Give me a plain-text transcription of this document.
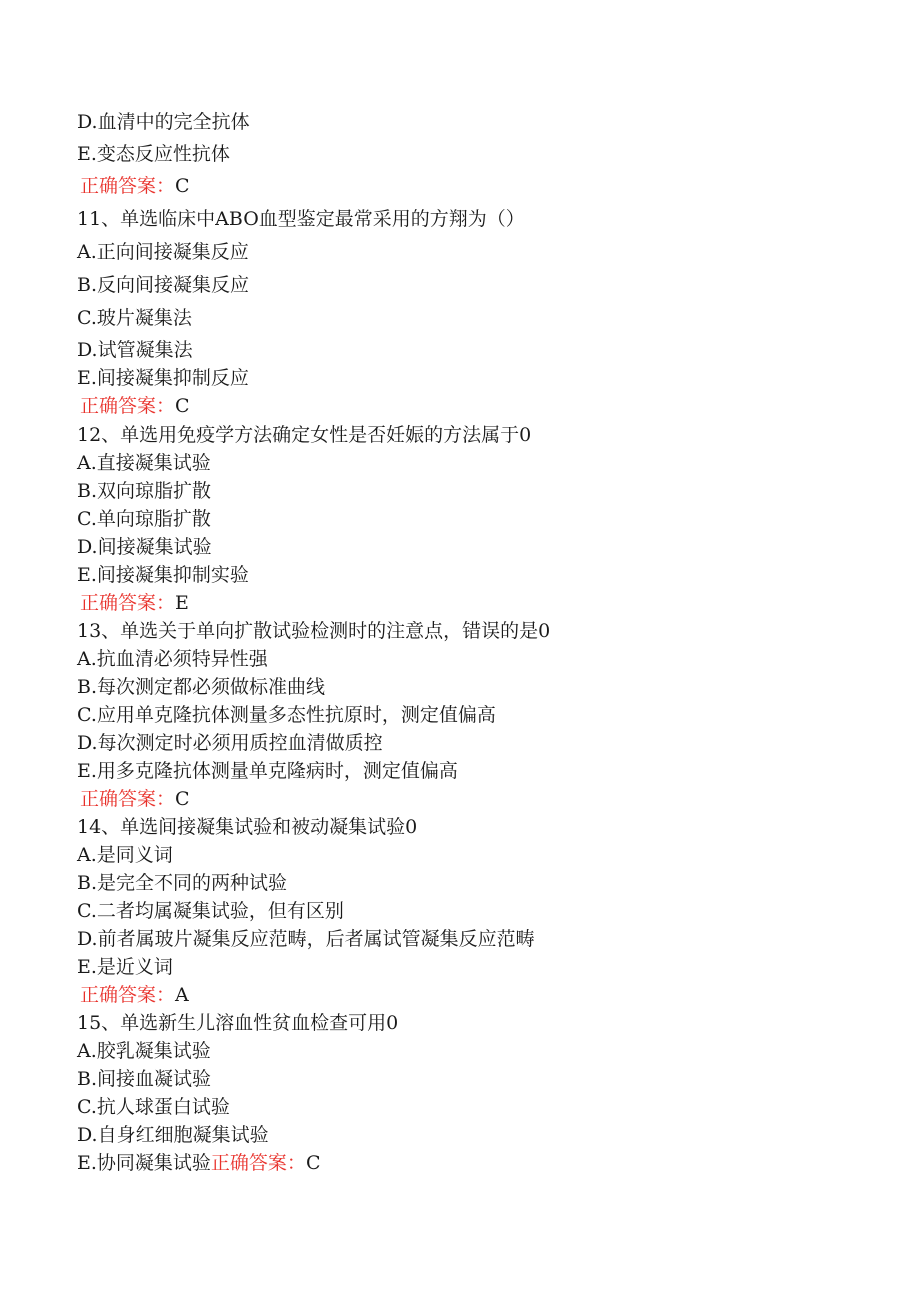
D.血清中的完全抗体
E.变态反应性抗体
正确答案：C
11、单选临床中ABO血型鉴定最常采用的方翔为（）
A.正向间接凝集反应
B.反向间接凝集反应
C.玻片凝集法
D.试管凝集法
E.间接凝集抑制反应
正确答案：C
12、单选用免疫学方法确定女性是否妊娠的方法属于0
A.直接凝集试验
B.双向琼脂扩散
C.单向琼脂扩散
D.间接凝集试验
E.间接凝集抑制实验
正确答案：E
13、单选关于单向扩散试验检测时的注意点，错误的是0
A.抗血清必须特异性强
B.每次测定都必须做标准曲线
C.应用单克隆抗体测量多态性抗原时，测定值偏高
D.每次测定时必须用质控血清做质控
E.用多克隆抗体测量单克隆病时，测定值偏高
正确答案：C
14、单选间接凝集试验和被动凝集试验0
A.是同义词
B.是完全不同的两种试验
C.二者均属凝集试验，但有区别
D.前者属玻片凝集反应范畴，后者属试管凝集反应范畴
E.是近义词
正确答案：A
15、单选新生儿溶血性贫血检查可用0
A.胶乳凝集试验
B.间接血凝试验
C.抗人球蛋白试验
D.自身红细胞凝集试验
E.协同凝集试验正确答案：C
